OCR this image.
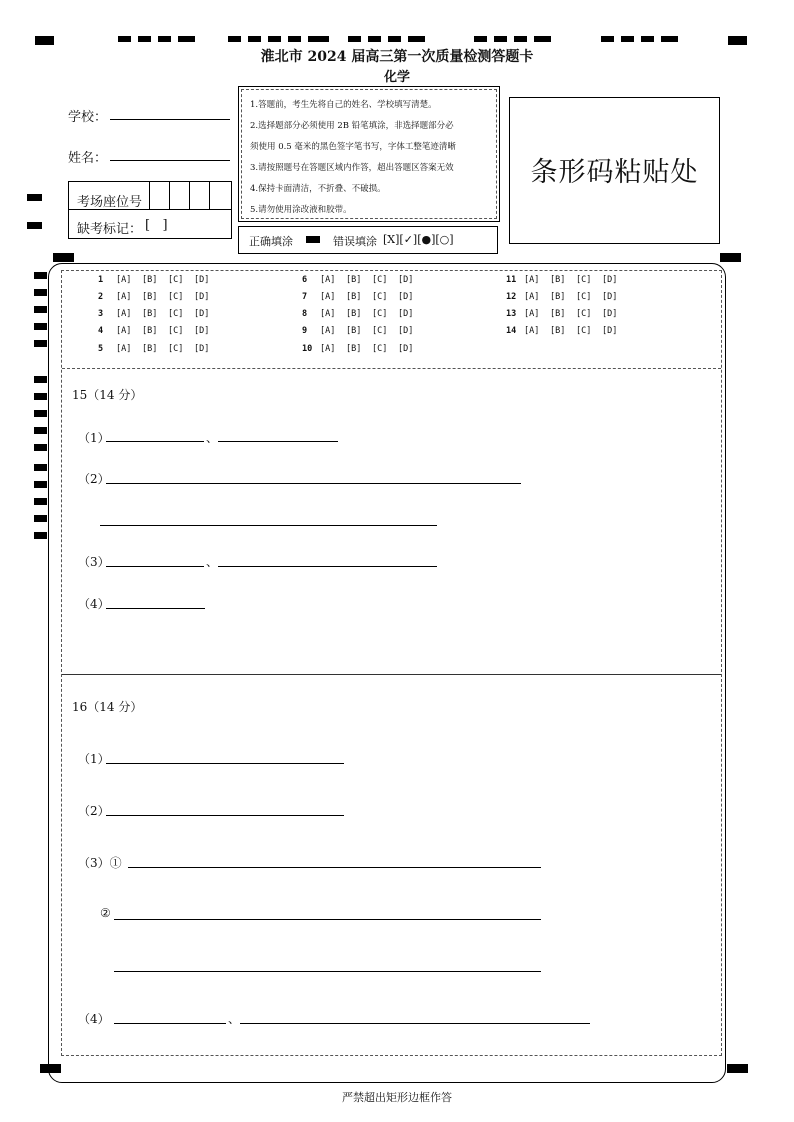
淮北市 2024 届高三第一次质量检测答题卡
化学
学校：
姓名：
考场座位号
缺考标记： [   ]
1.答题前，考生先将自己的姓名、学校填写清楚。
2.选择题部分必须使用 2B 铅笔填涂，非选择题部分必
须使用 0.5 毫米的黑色签字笔书写，字体工整笔迹清晰
3.请按照题号在答题区域内作答，超出答题区答案无效
4.保持卡面清洁，不折叠、不破损。
5.请勿使用涂改液和胶带。
条形码粘贴处
正确填涂	错误填涂 [X][✓][●][○]
1 [A] [B] [C] [D]
2 [A] [B] [C] [D]
3 [A] [B] [C] [D]
4 [A] [B] [C] [D]
5 [A] [B] [C] [D]
6 [A] [B] [C] [D]
7 [A] [B] [C] [D]
8 [A] [B] [C] [D]
9 [A] [B] [C] [D]
10 [A] [B] [C] [D]
11 [A] [B] [C] [D]
12 [A] [B] [C] [D]
13 [A] [B] [C] [D]
14 [A] [B] [C] [D]
15（14 分）
（1）	、
（2）
（3）	、
（4）
16（14 分）
（1）
（2）
（3）①
②
（4）	、
严禁超出矩形边框作答
